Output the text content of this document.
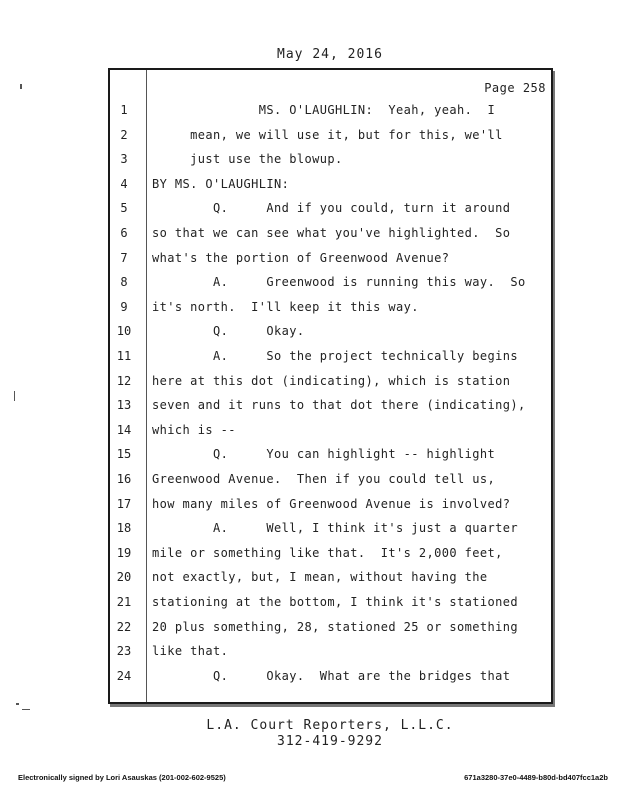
May 24, 2016
Page 258
1	MS. O'LAUGHLIN:  Yeah, yeah.  I
2	mean, we will use it, but for this, we'll
3	just use the blowup.
4	BY MS. O'LAUGHLIN:
5	Q.     And if you could, turn it around
6	so that we can see what you've highlighted.  So
7	what's the portion of Greenwood Avenue?
8	A.     Greenwood is running this way.  So
9	it's north.  I'll keep it this way.
10	Q.     Okay.
11	A.     So the project technically begins
12	here at this dot (indicating), which is station
13	seven and it runs to that dot there (indicating),
14	which is --
15	Q.     You can highlight -- highlight
16	Greenwood Avenue.  Then if you could tell us,
17	how many miles of Greenwood Avenue is involved?
18	A.     Well, I think it's just a quarter
19	mile or something like that.  It's 2,000 feet,
20	not exactly, but, I mean, without having the
21	stationing at the bottom, I think it's stationed
22	20 plus something, 28, stationed 25 or something
23	like that.
24	Q.     Okay.  What are the bridges that
L.A. Court Reporters, L.L.C.
312-419-9292
Electronically signed by Lori Asauskas (201-002-602-9525)	671a3280-37e0-4489-b80d-bd407fcc1a2b
